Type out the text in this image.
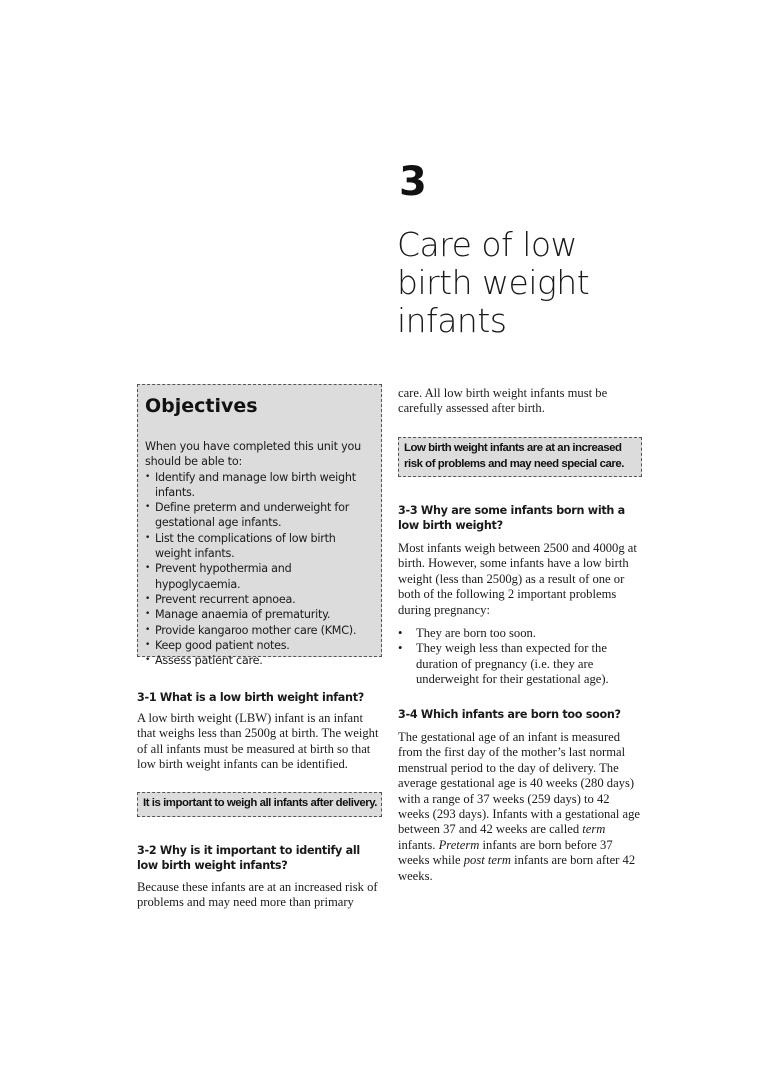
3
Care of low
birth weight
infants
Objectives
When you have completed this unit you
should be able to:
• Identify and manage low birth weight infants.
• Define preterm and underweight for gestational age infants.
• List the complications of low birth weight infants.
• Prevent hypothermia and hypoglycaemia.
• Prevent recurrent apnoea.
• Manage anaemia of prematurity.
• Provide kangaroo mother care (KMC).
• Keep good patient notes.
• Assess patient care.
3-1 What is a low birth weight infant?
A low birth weight (LBW) infant is an infant that weighs less than 2500g at birth. The weight of all infants must be measured at birth so that low birth weight infants can be identified.
It is important to weigh all infants after delivery.
3-2 Why is it important to identify all low birth weight infants?
Because these infants are at an increased risk of problems and may need more than primary
care. All low birth weight infants must be carefully assessed after birth.
Low birth weight infants are at an increased risk of problems and may need special care.
3-3 Why are some infants born with a low birth weight?
Most infants weigh between 2500 and 4000g at birth. However, some infants have a low birth weight (less than 2500g) as a result of one or both of the following 2 important problems during pregnancy:
• They are born too soon.
• They weigh less than expected for the duration of pregnancy (i.e. they are underweight for their gestational age).
3-4 Which infants are born too soon?
The gestational age of an infant is measured from the first day of the mother’s last normal menstrual period to the day of delivery. The average gestational age is 40 weeks (280 days) with a range of 37 weeks (259 days) to 42 weeks (293 days). Infants with a gestational age between 37 and 42 weeks are called term infants. Preterm infants are born before 37 weeks while post term infants are born after 42 weeks.
